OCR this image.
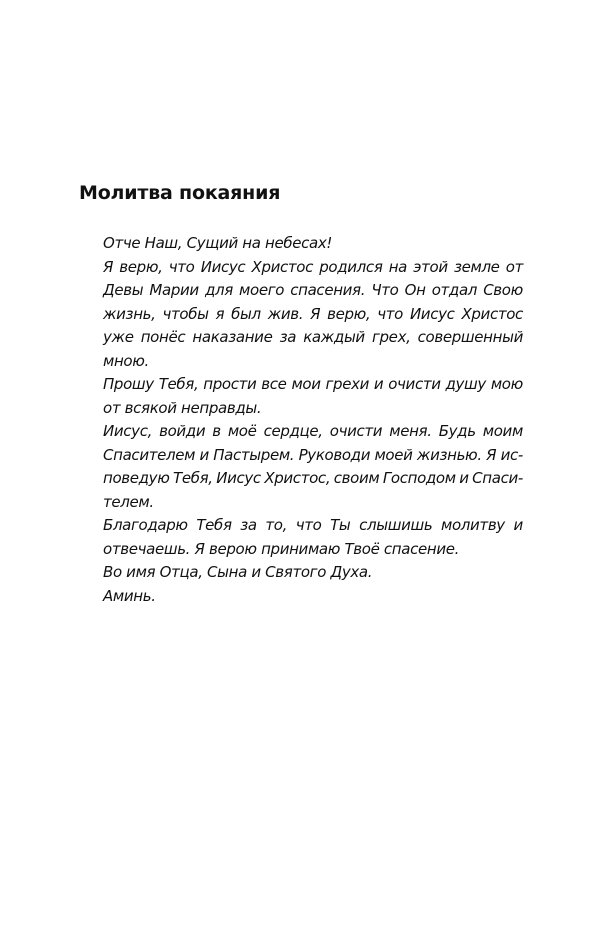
Молитва покаяния
Отче Наш, Сущий на небесах!
Я верю, что Иисус Христос родился на этой земле от
Девы Марии для моего спасения. Что Он отдал Свою
жизнь, чтобы я был жив. Я верю, что Иисус Христос
уже понёс наказание за каждый грех, совершенный
мною.
Прошу Тебя, прости все мои грехи и очисти душу мою
от всякой неправды.
Иисус, войди в моё сердце, очисти меня. Будь моим
Спасителем и Пастырем. Руководи моей жизнью. Я ис-
поведую Тебя, Иисус Христос, своим Господом и Спаси-
телем.
Благодарю Тебя за то, что Ты слышишь молитву и
отвечаешь. Я верою принимаю Твоё спасение.
Во имя Отца, Сына и Святого Духа.
Аминь.
